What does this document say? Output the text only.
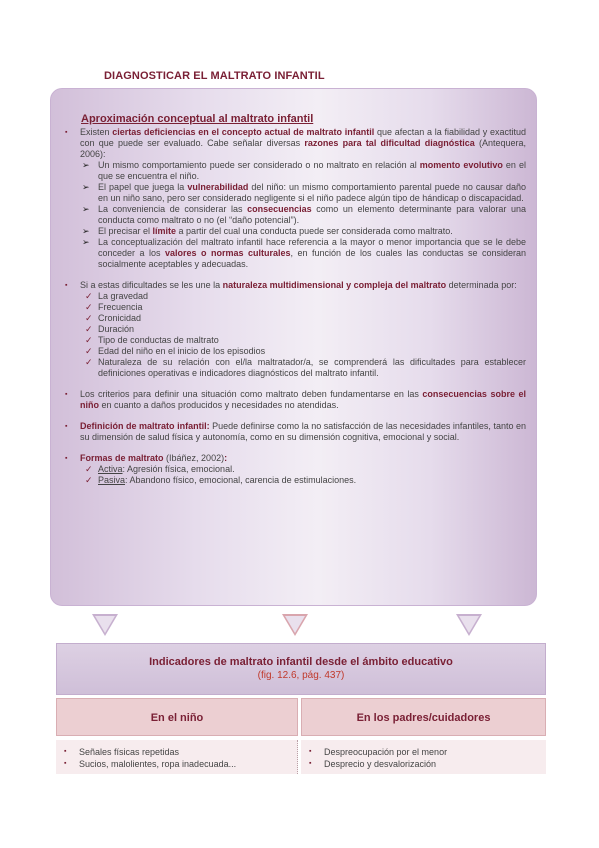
DIAGNOSTICAR EL MALTRATO INFANTIL
Aproximación conceptual al maltrato infantil
▪ Existen ciertas deficiencias en el concepto actual de maltrato infantil que afectan a la fiabilidad y exactitud con que puede ser evaluado. Cabe señalar diversas razones para tal dificultad diagnóstica (Antequera, 2006):
➢ Un mismo comportamiento puede ser considerado o no maltrato en relación al momento evolutivo en el que se encuentra el niño.
➢ El papel que juega la vulnerabilidad del niño: un mismo comportamiento parental puede no causar daño en un niño sano, pero ser considerado negligente si el niño padece algún tipo de hándicap o discapacidad.
➢ La conveniencia de considerar las consecuencias como un elemento determinante para valorar una conducta como maltrato o no (el “daño potencial”).
➢ El precisar el límite a partir del cual una conducta puede ser considerada como maltrato.
➢ La conceptualización del maltrato infantil hace referencia a la mayor o menor importancia que se le debe conceder a los valores o normas culturales, en función de los cuales las conductas se consideran socialmente aceptables y adecuadas.
▪ Si a estas dificultades se les une la naturaleza multidimensional y compleja del maltrato determinada por:
✓ La gravedad
✓ Frecuencia
✓ Cronicidad
✓ Duración
✓ Tipo de conductas de maltrato
✓ Edad del niño en el inicio de los episodios
✓ Naturaleza de su relación con el/la maltratador/a, se comprenderá las dificultades para establecer definiciones operativas e indicadores diagnósticos del maltrato infantil.
▪ Los criterios para definir una situación como maltrato deben fundamentarse en las consecuencias sobre el niño en cuanto a daños producidos y necesidades no atendidas.
▪ Definición de maltrato infantil: Puede definirse como la no satisfacción de las necesidades infantiles, tanto en su dimensión de salud física y autonomía, como en su dimensión cognitiva, emocional y social.
▪ Formas de maltrato (Ibáñez, 2002):
✓ Activa: Agresión física, emocional.
✓ Pasiva: Abandono físico, emocional, carencia de estimulaciones.
Indicadores de maltrato infantil desde el ámbito educativo
(fig. 12.6, pág. 437)
En el niño	En los padres/cuidadores
▪ Señales físicas repetidas
▪ Sucios, malolientes, ropa inadecuada...
▪ Despreocupación por el menor
▪ Desprecio y desvalorización
